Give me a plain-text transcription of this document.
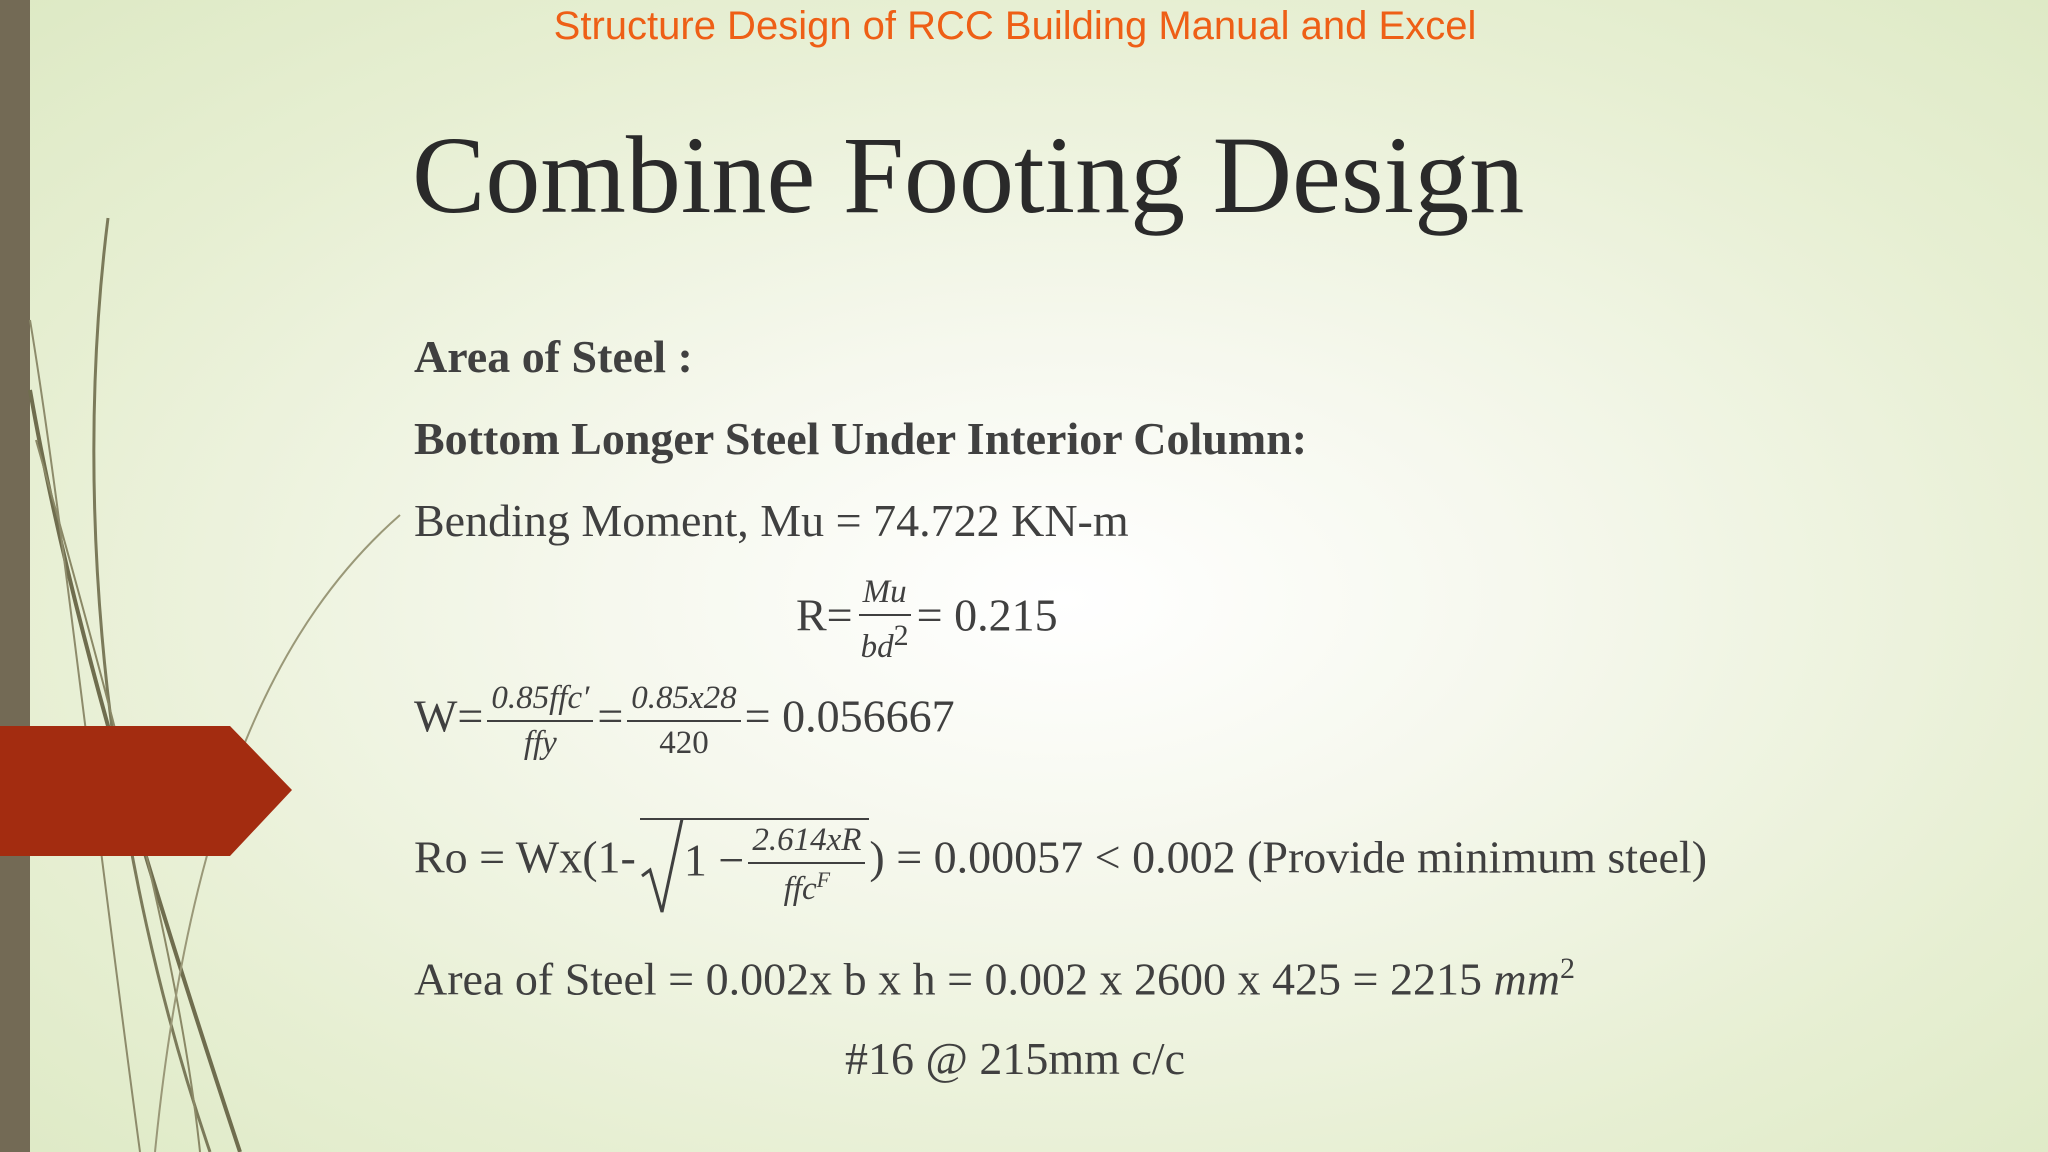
Structure Design of RCC Building Manual and Excel
Combine Footing Design
Area of Steel :
Bottom Longer Steel Under Interior Column:
Bending Moment, Mu = 74.722 KN-m
$R= \frac{Mu}{bd^2} = 0.215$
$W= \frac{\text{0.85ffc′}}{\text{ffy}} = \frac{0.85x28}{420} = 0.056667$
Ro = Wx(1- $1 - \frac{2.614xR}{ffc^F}$ ) = 0.00057 < 0.002 (Provide minimum steel)
Area of Steel = 0.002x b x h = 0.002 x 2600 x 425 = 2215 $mm^2$
#16 @ 215mm c/c
